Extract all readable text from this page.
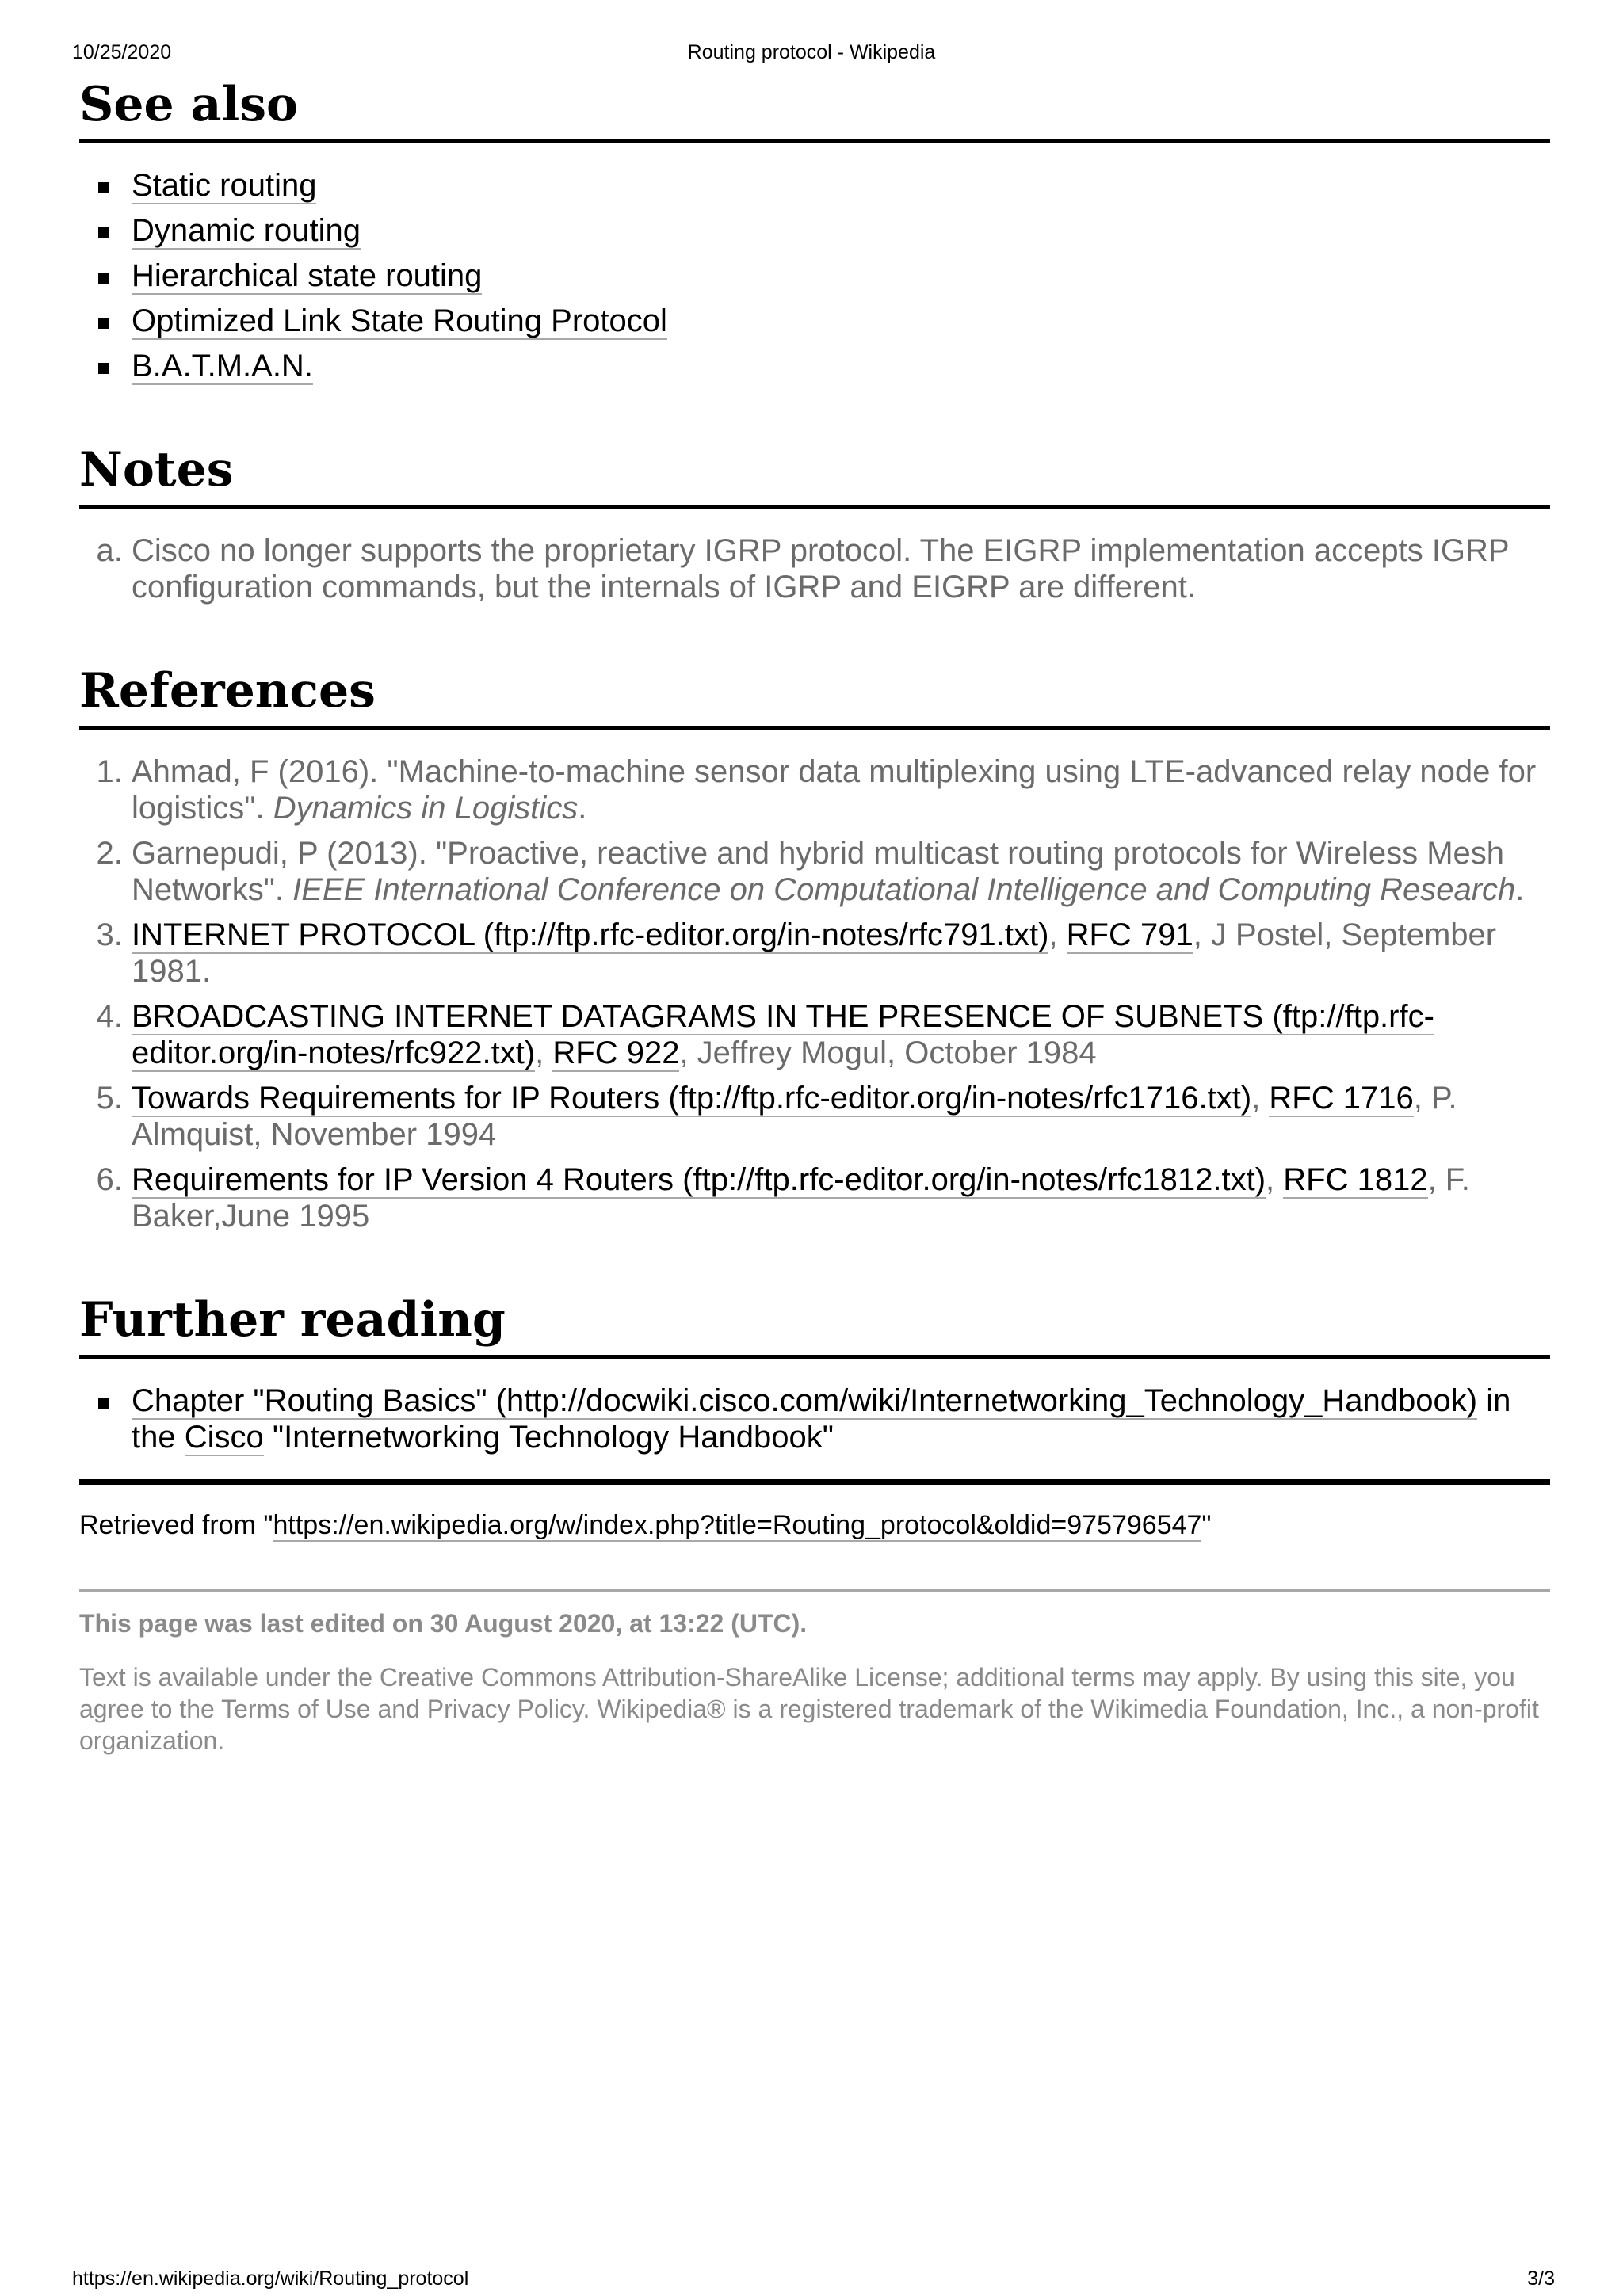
10/25/2020	Routing protocol - Wikipedia
See also
Static routing
Dynamic routing
Hierarchical state routing
Optimized Link State Routing Protocol
B.A.T.M.A.N.
Notes
a. Cisco no longer supports the proprietary IGRP protocol. The EIGRP implementation accepts IGRP configuration commands, but the internals of IGRP and EIGRP are different.
References
1. Ahmad, F (2016). "Machine-to-machine sensor data multiplexing using LTE-advanced relay node for logistics". Dynamics in Logistics.
2. Garnepudi, P (2013). "Proactive, reactive and hybrid multicast routing protocols for Wireless Mesh Networks". IEEE International Conference on Computational Intelligence and Computing Research.
3. INTERNET PROTOCOL (ftp://ftp.rfc-editor.org/in-notes/rfc791.txt), RFC 791, J Postel, September 1981.
4. BROADCASTING INTERNET DATAGRAMS IN THE PRESENCE OF SUBNETS (ftp://ftp.rfc-editor.org/in-notes/rfc922.txt), RFC 922, Jeffrey Mogul, October 1984
5. Towards Requirements for IP Routers (ftp://ftp.rfc-editor.org/in-notes/rfc1716.txt), RFC 1716, P. Almquist, November 1994
6. Requirements for IP Version 4 Routers (ftp://ftp.rfc-editor.org/in-notes/rfc1812.txt), RFC 1812, F. Baker,June 1995
Further reading
Chapter "Routing Basics" (http://docwiki.cisco.com/wiki/Internetworking_Technology_Handbook) in the Cisco "Internetworking Technology Handbook"
Retrieved from "https://en.wikipedia.org/w/index.php?title=Routing_protocol&oldid=975796547"
This page was last edited on 30 August 2020, at 13:22 (UTC).
Text is available under the Creative Commons Attribution-ShareAlike License; additional terms may apply. By using this site, you agree to the Terms of Use and Privacy Policy. Wikipedia® is a registered trademark of the Wikimedia Foundation, Inc., a non-profit organization.
https://en.wikipedia.org/wiki/Routing_protocol	3/3
